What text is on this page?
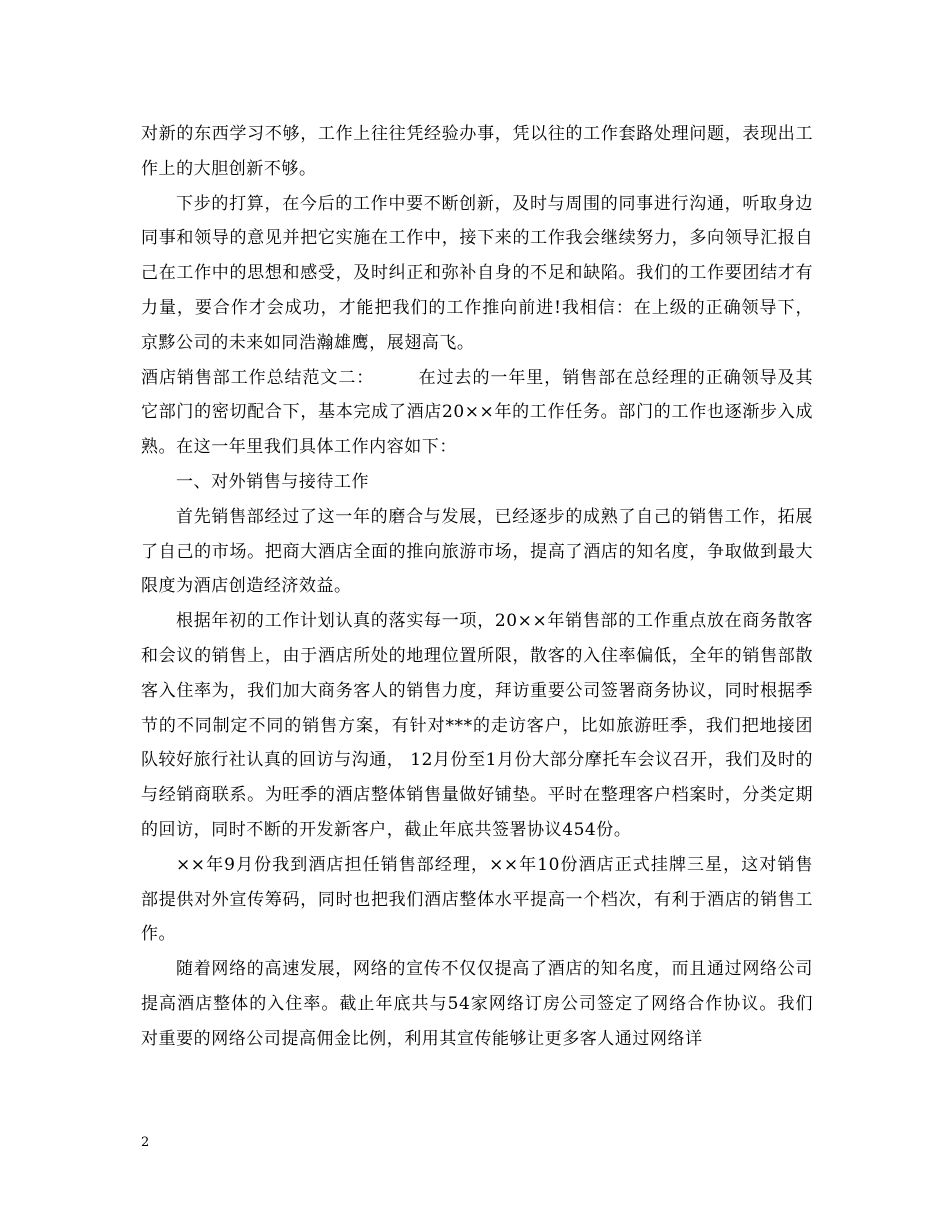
对新的东西学习不够，工作上往往凭经验办事，凭以往的工作套路处理问题，表现出工作上的大胆创新不够。

下步的打算，在今后的工作中要不断创新，及时与周围的同事进行沟通，听取身边同事和领导的意见并把它实施在工作中，接下来的工作我会继续努力，多向领导汇报自己在工作中的思想和感受，及时纠正和弥补自身的不足和缺陷。我们的工作要团结才有力量，要合作才会成功，才能把我们的工作推向前进!我相信：在上级的正确领导下，京黟公司的未来如同浩瀚雄鹰，展翅高飞。

酒店销售部工作总结范文二：	在过去的一年里，销售部在总经理的正确领导及其它部门的密切配合下，基本完成了酒店20××年的工作任务。部门的工作也逐渐步入成熟。在这一年里我们具体工作内容如下：

一、对外销售与接待工作

首先销售部经过了这一年的磨合与发展，已经逐步的成熟了自己的销售工作，拓展了自己的市场。把商大酒店全面的推向旅游市场，提高了酒店的知名度，争取做到最大限度为酒店创造经济效益。

根据年初的工作计划认真的落实每一项，20××年销售部的工作重点放在商务散客和会议的销售上，由于酒店所处的地理位置所限，散客的入住率偏低，全年的销售部散客入住率为，我们加大商务客人的销售力度，拜访重要公司签署商务协议，同时根据季节的不同制定不同的销售方案，有针对***的走访客户，比如旅游旺季，我们把地接团队较好旅行社认真的回访与沟通， 12月份至1月份大部分摩托车会议召开，我们及时的与经销商联系。为旺季的酒店整体销售量做好铺垫。平时在整理客户档案时，分类定期的回访，同时不断的开发新客户，截止年底共签署协议454份。

××年9月份我到酒店担任销售部经理，××年10份酒店正式挂牌三星，这对销售部提供对外宣传筹码，同时也把我们酒店整体水平提高一个档次，有利于酒店的销售工作。

随着网络的高速发展，网络的宣传不仅仅提高了酒店的知名度，而且通过网络公司提高酒店整体的入住率。截止年底共与54家网络订房公司签定了网络合作协议。我们对重要的网络公司提高佣金比例，利用其宣传能够让更多客人通过网络详

2
